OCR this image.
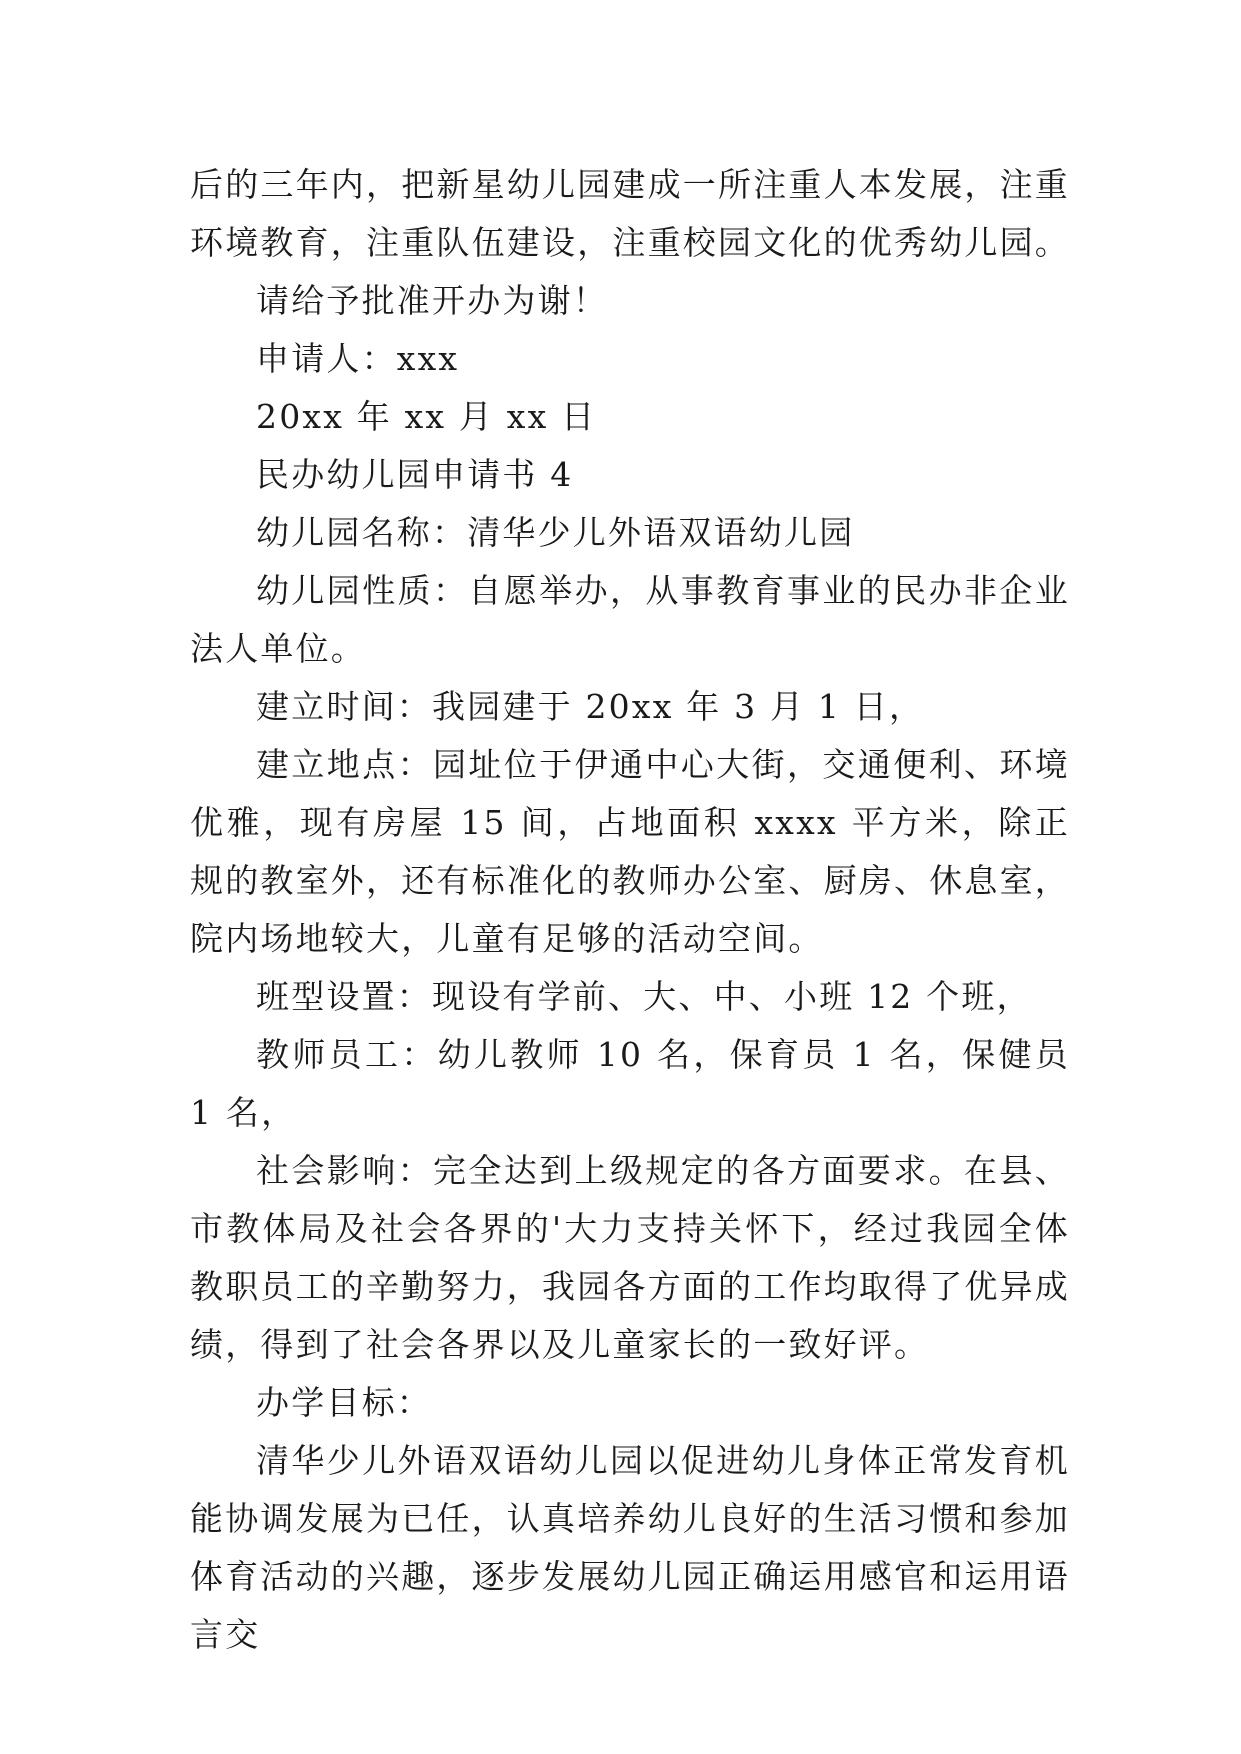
后的三年内，把新星幼儿园建成一所注重人本发展，注重环境教育，注重队伍建设，注重校园文化的优秀幼儿园。

请给予批准开办为谢！

申请人：xxx

20xx 年 xx 月 xx 日

民办幼儿园申请书 4

幼儿园名称：清华少儿外语双语幼儿园

幼儿园性质：自愿举办，从事教育事业的民办非企业法人单位。

建立时间：我园建于 20xx 年 3 月 1 日，

建立地点：园址位于伊通中心大街，交通便利、环境优雅，现有房屋 15 间，占地面积 xxxx 平方米，除正规的教室外，还有标准化的教师办公室、厨房、休息室，院内场地较大，儿童有足够的活动空间。

班型设置：现设有学前、大、中、小班 12 个班，

教师员工：幼儿教师 10 名，保育员 1 名，保健员 1 名，

社会影响：完全达到上级规定的各方面要求。在县、市教体局及社会各界的'大力支持关怀下，经过我园全体教职员工的辛勤努力，我园各方面的工作均取得了优异成绩，得到了社会各界以及儿童家长的一致好评。

办学目标：

清华少儿外语双语幼儿园以促进幼儿身体正常发育机能协调发展为已任，认真培养幼儿良好的生活习惯和参加体育活动的兴趣，逐步发展幼儿园正确运用感官和运用语言交
